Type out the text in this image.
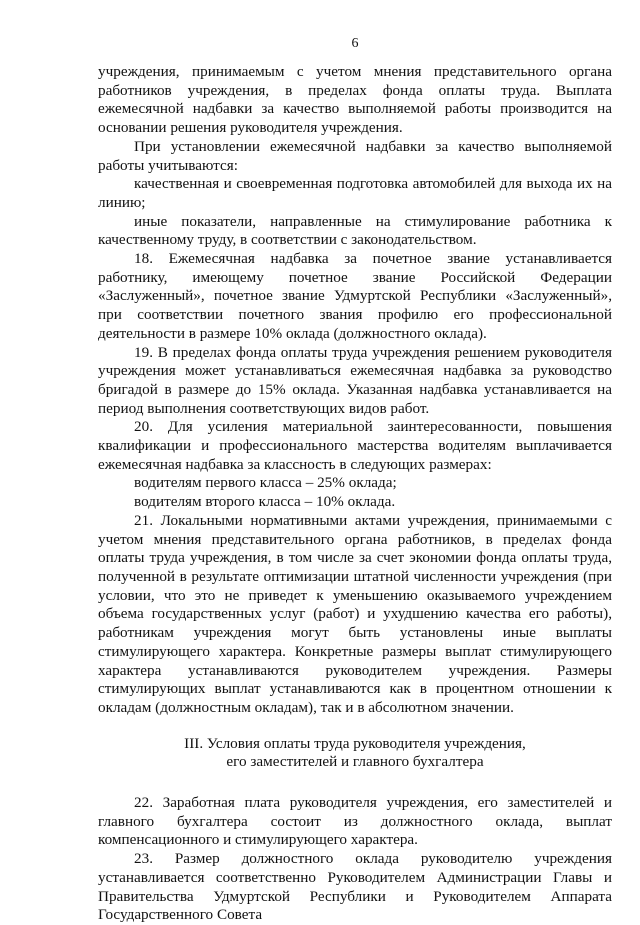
6

учреждения, принимаемым с учетом мнения представительного органа работников учреждения, в пределах фонда оплаты труда. Выплата ежемесячной надбавки за качество выполняемой работы производится на основании решения руководителя учреждения.

При установлении ежемесячной надбавки за качество выполняемой работы учитываются:

качественная и своевременная подготовка автомобилей для выхода их на линию;

иные показатели, направленные на стимулирование работника к качественному труду, в соответствии с законодательством.

18. Ежемесячная надбавка за почетное звание устанавливается работнику, имеющему почетное звание Российской Федерации «Заслуженный», почетное звание Удмуртской Республики «Заслуженный», при соответствии почетного звания профилю его профессиональной деятельности в размере 10% оклада (должностного оклада).

19. В пределах фонда оплаты труда учреждения решением руководителя учреждения может устанавливаться ежемесячная надбавка за руководство бригадой в размере до 15% оклада. Указанная надбавка устанавливается на период выполнения соответствующих видов работ.

20. Для усиления материальной заинтересованности, повышения квалификации и профессионального мастерства водителям выплачивается ежемесячная надбавка за классность в следующих размерах:

водителям первого класса – 25% оклада;

водителям второго класса – 10% оклада.

21. Локальными нормативными актами учреждения, принимаемыми с учетом мнения представительного органа работников, в пределах фонда оплаты труда учреждения, в том числе за счет экономии фонда оплаты труда, полученной в результате оптимизации штатной численности учреждения (при условии, что это не приведет к уменьшению оказываемого учреждением объема государственных услуг (работ) и ухудшению качества его работы), работникам учреждения могут быть установлены иные выплаты стимулирующего характера. Конкретные размеры выплат стимулирующего характера устанавливаются руководителем учреждения. Размеры стимулирующих выплат устанавливаются как в процентном отношении к окладам (должностным окладам), так и в абсолютном значении.

III. Условия оплаты труда руководителя учреждения,
его заместителей и главного бухгалтера

22. Заработная плата руководителя учреждения, его заместителей и главного бухгалтера состоит из должностного оклада, выплат компенсационного и стимулирующего характера.

23. Размер должностного оклада руководителю учреждения устанавливается соответственно Руководителем Администрации Главы и Правительства Удмуртской Республики и Руководителем Аппарата Государственного Совета
